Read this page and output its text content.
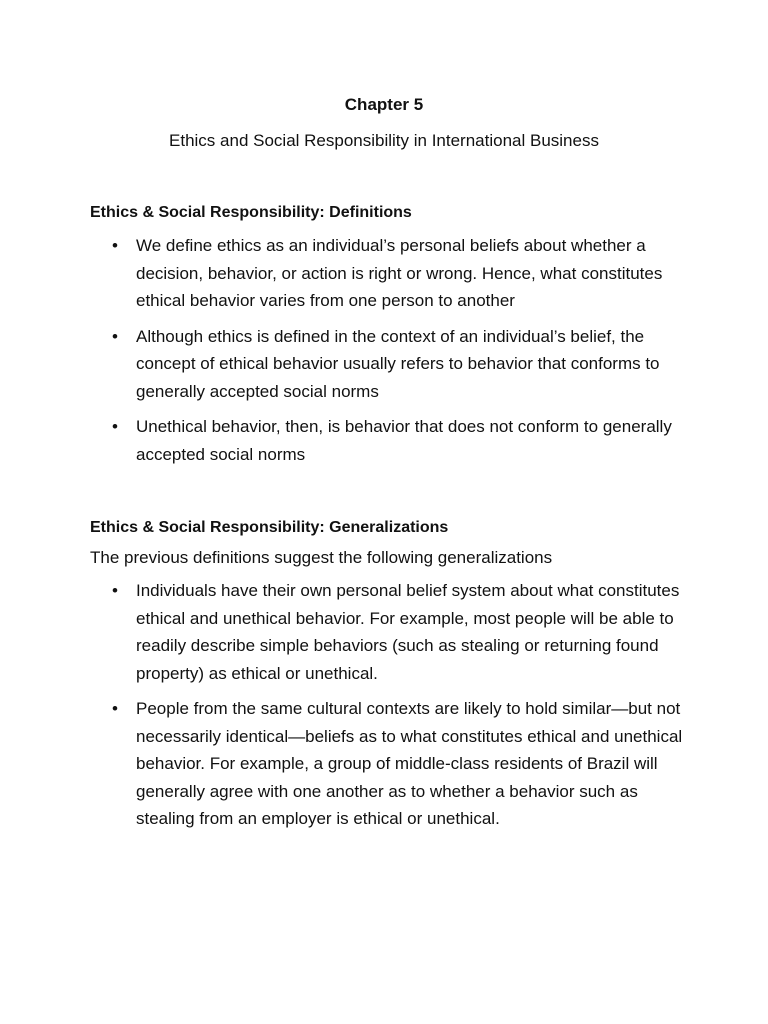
Chapter 5

Ethics and Social Responsibility in International Business

Ethics & Social Responsibility: Definitions
• We define ethics as an individual’s personal beliefs about whether a decision, behavior, or action is right or wrong. Hence, what constitutes ethical behavior varies from one person to another
• Although ethics is defined in the context of an individual’s belief, the concept of ethical behavior usually refers to behavior that conforms to generally accepted social norms
• Unethical behavior, then, is behavior that does not conform to generally accepted social norms
Ethics & Social Responsibility: Generalizations

The previous definitions suggest the following generalizations

• Individuals have their own personal belief system about what constitutes ethical and unethical behavior. For example, most people will be able to readily describe simple behaviors (such as stealing or returning found property) as ethical or unethical.
• People from the same cultural contexts are likely to hold similar—but not necessarily identical—beliefs as to what constitutes ethical and unethical behavior. For example, a group of middle-class residents of Brazil will generally agree with one another as to whether a behavior such as stealing from an employer is ethical or unethical.
